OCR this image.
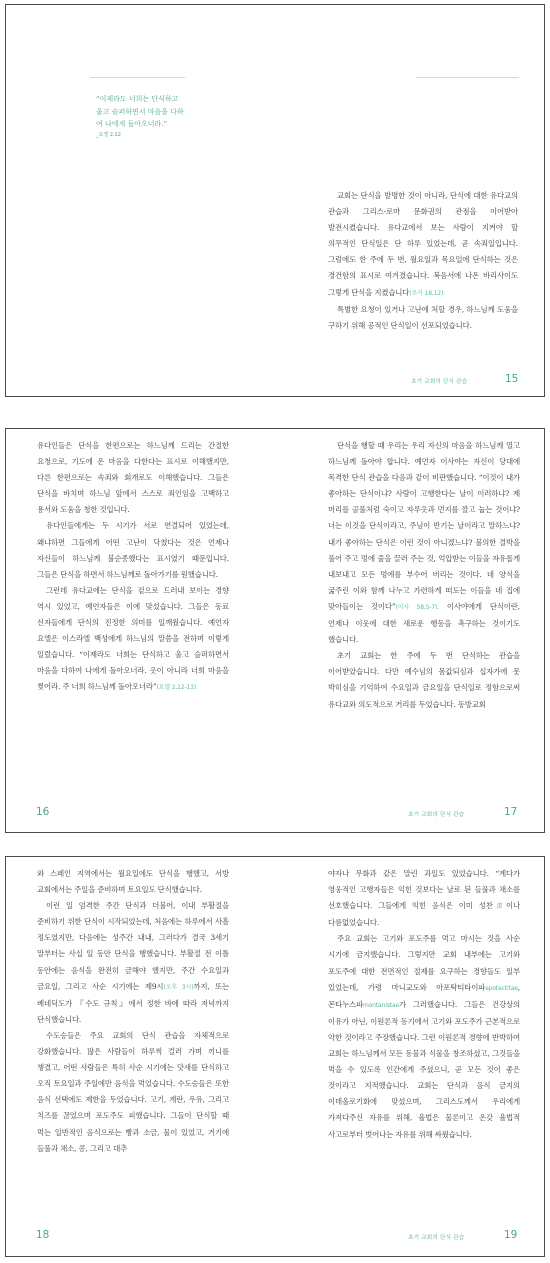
“이제라도 너희는 단식하고 울고 슬퍼하면서 마음을 다하여 나에게 돌아오너라.”
_요엘 2,12

교회는 단식을 발명한 것이 아니라, 단식에 대한 유다교의 관습과 그리스-로마 문화권의 관점을 이어받아 발전시켰습니다. 유다교에서 보는 사람이 지켜야 할 의무적인 단식일은 단 하루 있었는데, 곧 속죄일입니다. 그럼에도 한 주에 두 번, 월요일과 목요일에 단식하는 것은 경건함의 표시로 여겨졌습니다. 복음서에 나온 바리사이도 그렇게 단식을 지켰습니다(루카 18,12).

특별한 요청이 있거나 고난에 처할 경우, 하느님께 도움을 구하기 위해 공적인 단식일이 선포되었습니다.

초기 교회의 단식 관습	15

유다인들은 단식을 한편으로는 하느님께 드리는 간절한 요청으로, 기도에 온 마음을 다한다는 표시로 이해했지만, 다른 한편으로는 속죄와 회개로도 이해했습니다. 그들은 단식을 바치며 하느님 앞에서 스스로 죄인임을 고백하고 용서와 도움을 청한 것입니다.

유다인들에게는 두 시기가 서로 연결되어 있었는데, 왜냐하면 그들에게 어떤 고난이 닥쳤다는 것은 언제나 자신들이 하느님께 불순종했다는 표시였기 때문입니다. 그들은 단식을 하면서 하느님께로 돌아가기를 원했습니다.

그런데 유다교에는 단식을 겉으로 드러내 보이는 경향 역시 있었고, 예언자들은 이에 맞섰습니다. 그들은 동료 신자들에게 단식의 진정한 의미를 일깨웠습니다. 예언자 요엘은 이스라엘 백성에게 하느님의 말씀을 전하며 이렇게 일렀습니다. “이제라도 너희는 단식하고 울고 슬퍼하면서 마음을 다하여 나에게 돌아오너라. 옷이 아니라 너희 마음을 찢어라. 주 너희 하느님께 돌아오너라”(요엘 2,12-13).

단식을 행할 때 우리는 우리 자신의 마음을 하느님께 열고 하느님께 돌아야 합니다. 예언자 이사야는 자신이 당대에 목격한 단식 관습을 다음과 같이 비판했습니다. “이것이 내가 좋아하는 단식이냐? 사람이 고행한다는 날이 이러하냐? 제 머리를 골풀처럼 숙이고 자루옷과 먼지를 깔고 눕는 것이냐? 너는 이것을 단식이라고, 주님이 반기는 날이라고 말하느냐? 내가 좋아하는 단식은 이런 것이 아니겠느냐? 불의한 결박을 풀어 주고 멍에 줄을 끌러 주는 것, 억압받는 이들을 자유롭게 내보내고 모든 멍에를 부수어 버리는 것이다. 네 양식을 굶주린 이와 함께 나누고 가련하게 떠도는 이들을 네 집에 맞아들이는 것이다”(이사 58,5-7). 이사야에게 단식이란, 언제나 이웃에 대한 새로운 행동을 촉구하는 것이기도 했습니다.

초기 교회는 한 주에 두 번 단식하는 관습을 이어받았습니다. 다만 예수님의 몸값되심과 십자가에 못 박히심을 기억하여 수요일과 금요일을 단식일로 정함으로써 유다교와 의도적으로 거리를 두었습니다. 동방교회

16	초기 교회의 단식 관습	17

와 스페인 지역에서는 월요일에도 단식을 행했고, 서방 교회에서는 주일을 준비하며 토요일도 단식했습니다.

이런 일 엄격한 주간 단식과 더불어, 이내 부활절을 준비하기 위한 단식이 시작되었는데, 처음에는 하루에서 사흘 정도였지만, 다음에는 성주간 내내, 그러다가 결국 3세기 말부터는 사십 일 동안 단식을 행했습니다. 부활절 전 이틀 동안에는 음식을 완전히 금해야 했지만, 주간 수요일과 금요일, 그리고 사순 시기에는 제9시(오후 3시)까지, 또는 베네딕도가 『수도 규칙』에서 정한 바에 따라 저녁까지 단식했습니다.

수도승들은 주요 교회의 단식 관습을 자체적으로 강화했습니다. 많은 사람들이 하루씩 걸러 가며 끼니를 챙겼고, 어떤 사람들은 특히 사순 시기에는 닷새를 단식하고 오직 토요일과 주일에만 음식을 먹었습니다. 수도승들은 또한 음식 선택에도 제한을 두었습니다. 고기, 계란, 우유, 그리고 치즈를 끊었으며 포도주도 피했습니다. 그들이 단식할 때 먹는 일반적인 음식으로는 빵과 소금, 물이 있었고, 거기에 들풀과 채소, 콩, 그리고 대추

야자나 무화과 같은 말린 과일도 있었습니다. “계다가 영웅적인 고행자들은 익힌 것보다는 날로 된 들풀과 채소를 선호했습니다. 그들에게 익힌 음식은 이미 성찬潔이나 다름없었습니다.

주요 교회는 고기와 포도주를 먹고 마시는 것을 사순 시기에 금지했습니다. 그렇지만 교회 내부에는 고기와 포도주에 대한 전면적인 절제를 요구하는 경향들도 일부 있었는데, 가령 마니교도와 아포탁티타이파apotactitae, 몬타누스파montanistae가 그러했습니다. 그들은 건강상의 이유가 아닌, 이원론적 동기에서 고기와 포도주가 근본적으로 악한 것이라고 주장했습니다. 그런 이원론적 경향에 반박하여 교회는 하느님께서 모든 동물과 식물을 창조하셨고, 그것들을 먹을 수 있도록 인간에게 주셨으니, 곧 모든 것이 좋은 것이라고 지적했습니다. 교회는 단식과 음식 금지의 이데올로기화에 맞섰으며, 그리스도께서 우리에게 가져다주신 자유를 위해, 율법은 물론이고 온갖 율법적 사고로부터 벗어나는 자유를 위해 싸웠습니다.

18	초기 교회의 단식 관습	19
